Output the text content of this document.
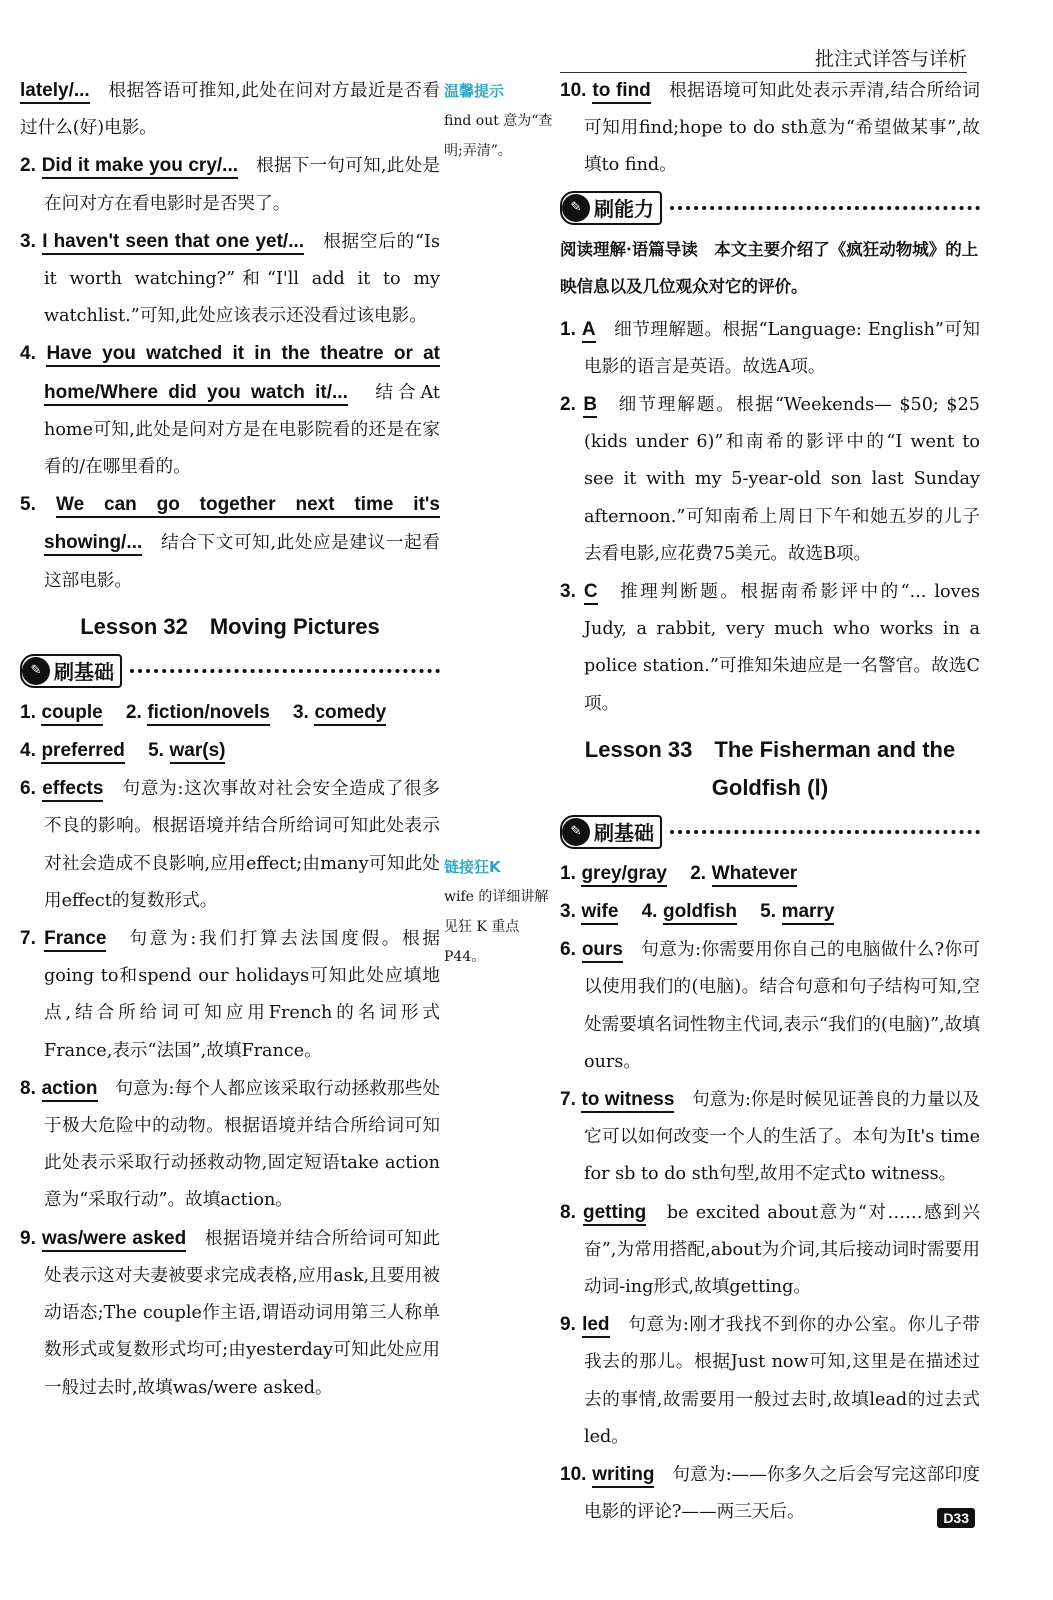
批注式详答与详析

lately/...　 根据答语可推知,此处在问对方最近是否看过什么(好)电影。

2. Did it make you cry/...　 根据下一句可知,此处是在问对方在看电影时是否哭了。

3. I haven't seen that one yet/...　 根据空后的“Is it worth watching?”和“I'll add it to my watchlist.”可知,此处应该表示还没看过该电影。

4. Have you watched it in the theatre or at home/Where did you watch it/...　 结合At home可知,此处是问对方是在电影院看的还是在家看的/在哪里看的。

5. We can go together next time it's showing/...　 结合下文可知,此处应是建议一起看这部电影。

Lesson 32　Moving Pictures
✎ 刷基础
1. couple　 2. fiction/novels　 3. comedy
4. preferred　 5. war(s)

6. effects　 句意为:这次事故对社会安全造成了很多不良的影响。根据语境并结合所给词可知此处表示对社会造成不良影响,应用effect;由many可知此处用effect的复数形式。

7. France　 句意为:我们打算去法国度假。根据going to和spend our holidays可知此处应填地点,结合所给词可知应用French的名词形式France,表示“法国”,故填France。

8. action　 句意为:每个人都应该采取行动拯救那些处于极大危险中的动物。根据语境并结合所给词可知此处表示采取行动拯救动物,固定短语take action意为“采取行动”。故填action。

9. was/were asked　 根据语境并结合所给词可知此处表示这对夫妻被要求完成表格,应用ask,且要用被动语态;The couple作主语,谓语动词用第三人称单数形式或复数形式均可;由yesterday可知此处应用一般过去时,故填was/were asked。

温馨提示
find out 意为“查明;弄清”。
链接狂K
wife 的详细讲解见狂 K 重点 P44。

10. to find　 根据语境可知此处表示弄清,结合所给词可知用find;hope to do sth意为“希望做某事”,故填to find。

✎ 刷能力

阅读理解·语篇导读　本文主要介绍了《疯狂动物城》的上映信息以及几位观众对它的评价。

1. A　 细节理解题。根据“Language: English”可知电影的语言是英语。故选A项。

2. B　 细节理解题。根据“Weekends— $50; $25 (kids under 6)”和南希的影评中的“I went to see it with my 5-year-old son last Sunday afternoon.”可知南希上周日下午和她五岁的儿子去看电影,应花费75美元。故选B项。

3. C　 推理判断题。根据南希影评中的“... loves Judy, a rabbit, very much who works in a police station.”可推知朱迪应是一名警官。故选C项。

Lesson 33　The Fisherman and the Goldfish (Ⅰ)
✎ 刷基础
1. grey/gray　 2. Whatever
3. wife　 4. goldfish　 5. marry

6. ours　 句意为:你需要用你自己的电脑做什么?你可以使用我们的(电脑)。结合句意和句子结构可知,空处需要填名词性物主代词,表示“我们的(电脑)”,故填ours。

7. to witness　 句意为:你是时候见证善良的力量以及它可以如何改变一个人的生活了。本句为It's time for sb to do sth句型,故用不定式to witness。

8. getting　 be excited about意为“对……感到兴奋”,为常用搭配,about为介词,其后接动词时需要用动词-ing形式,故填getting。

9. led　 句意为:刚才我找不到你的办公室。你儿子带我去的那儿。根据Just now可知,这里是在描述过去的事情,故需要用一般过去时,故填lead的过去式led。

10. writing　 句意为:——你多久之后会写完这部印度电影的评论?——两三天后。	D33
